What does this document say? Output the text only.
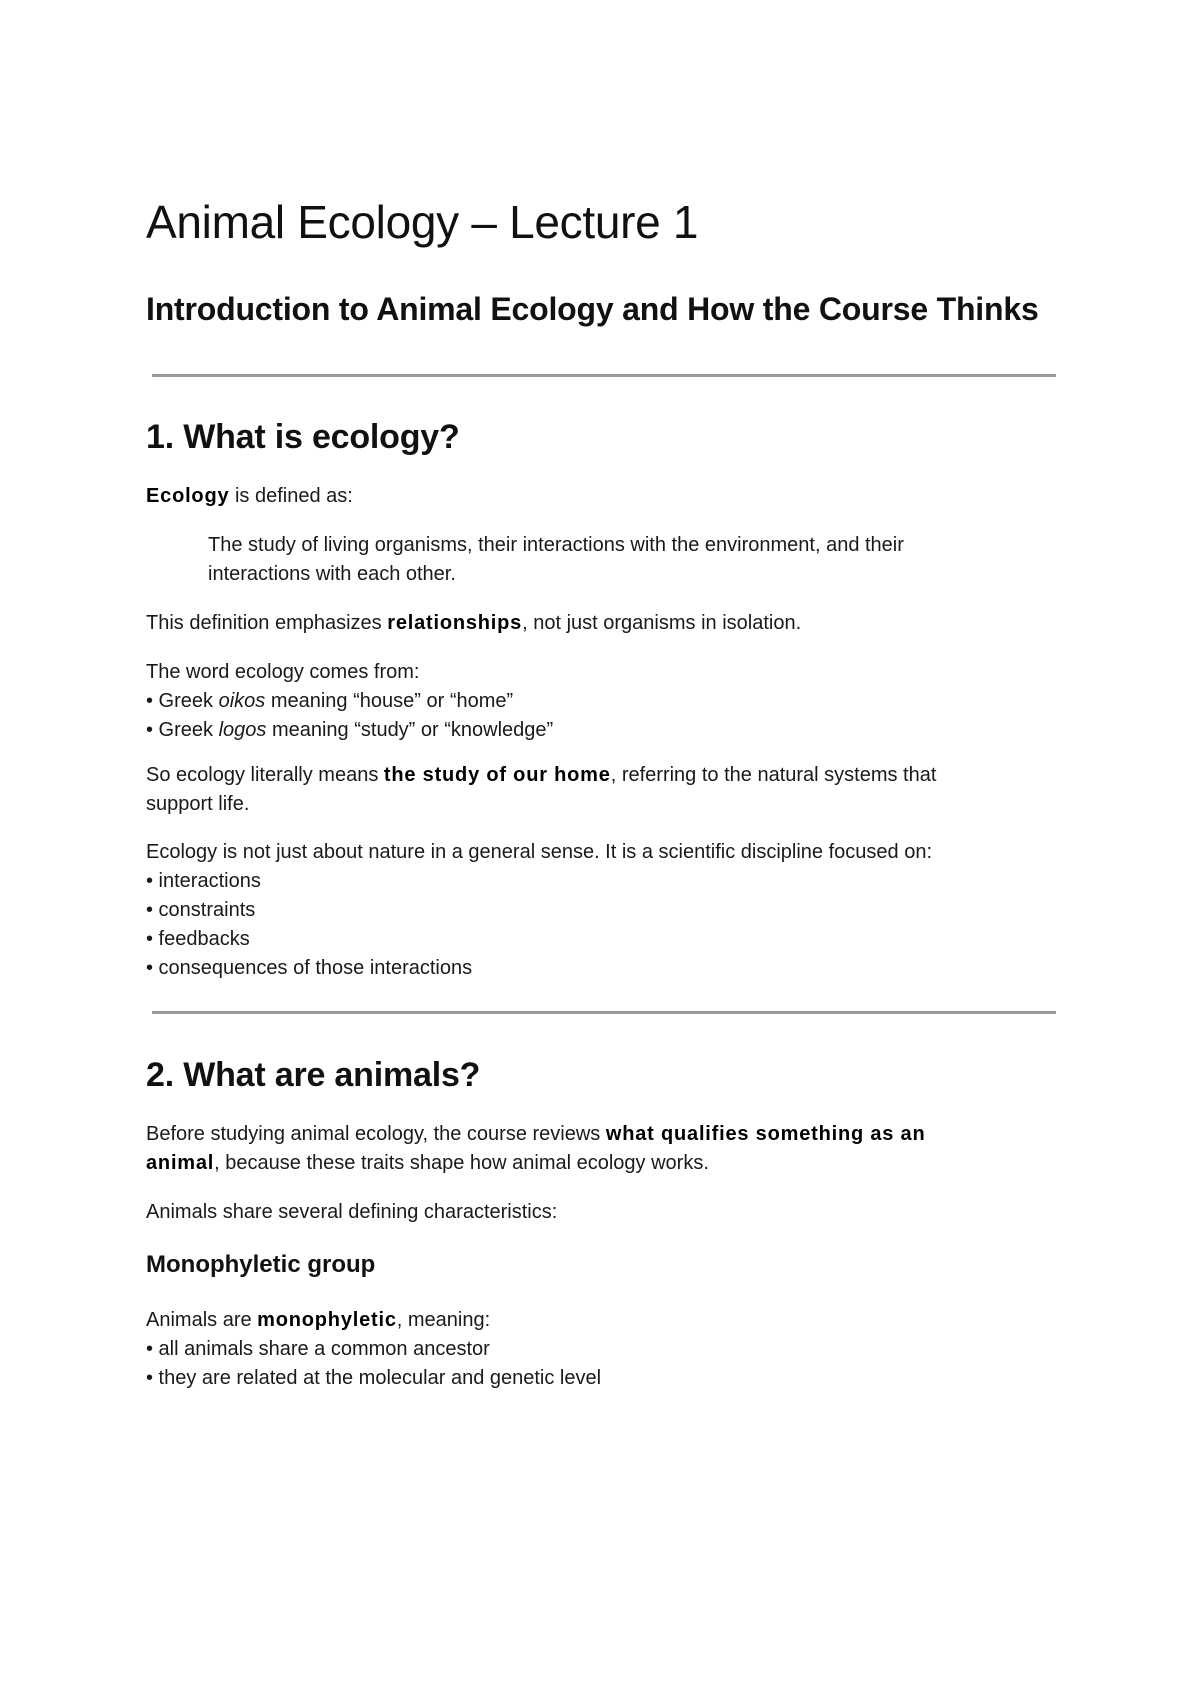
Animal Ecology – Lecture 1
Introduction to Animal Ecology and How the Course Thinks
1. What is ecology?

Ecology is defined as:

The study of living organisms, their interactions with the environment, and their
interactions with each other.

This definition emphasizes relationships, not just organisms in isolation.

The word ecology comes from:
• Greek oikos meaning “house” or “home”
• Greek logos meaning “study” or “knowledge”

So ecology literally means the study of our home, referring to the natural systems that
support life.

Ecology is not just about nature in a general sense. It is a scientific discipline focused on:
• interactions
• constraints
• feedbacks
• consequences of those interactions

2. What are animals?

Before studying animal ecology, the course reviews what qualifies something as an
animal, because these traits shape how animal ecology works.

Animals share several defining characteristics:

Monophyletic group

Animals are monophyletic, meaning:
• all animals share a common ancestor
• they are related at the molecular and genetic level
